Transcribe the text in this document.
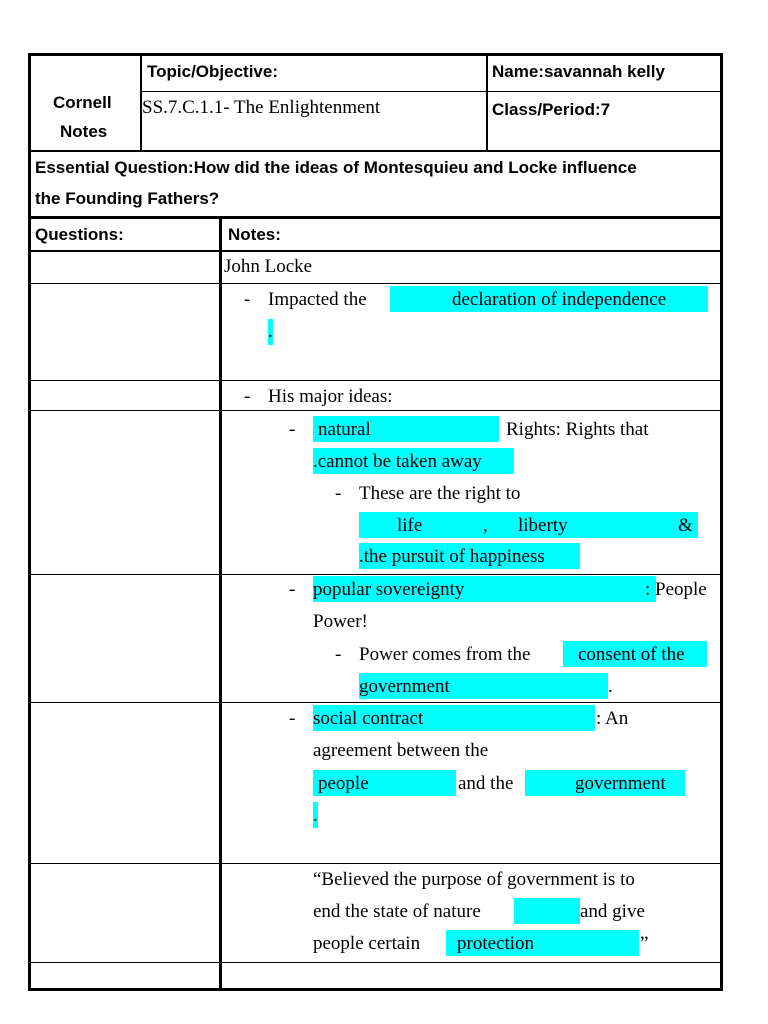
Cornell
Notes
Topic/Objective:
SS.7.C.1.1- The Enlightenment
Name:savannah kelly
Class/Period:7
Essential Question:How did the ideas of Montesquieu and Locke influence
the Founding Fathers?
Questions:	Notes:
John Locke
- Impacted the	declaration of independence
.
- His major ideas:
- natural	Rights: Rights that
.cannot be taken away
- These are the right to
life	, liberty	&
.the pursuit of happiness
- popular sovereignty	: People
Power!
- Power comes from the	consent of the
government	.
- social contract	: An
agreement between the
people	and the	government
.
“Believed the purpose of government is to
end the state of nature	and give
people certain protection	”
